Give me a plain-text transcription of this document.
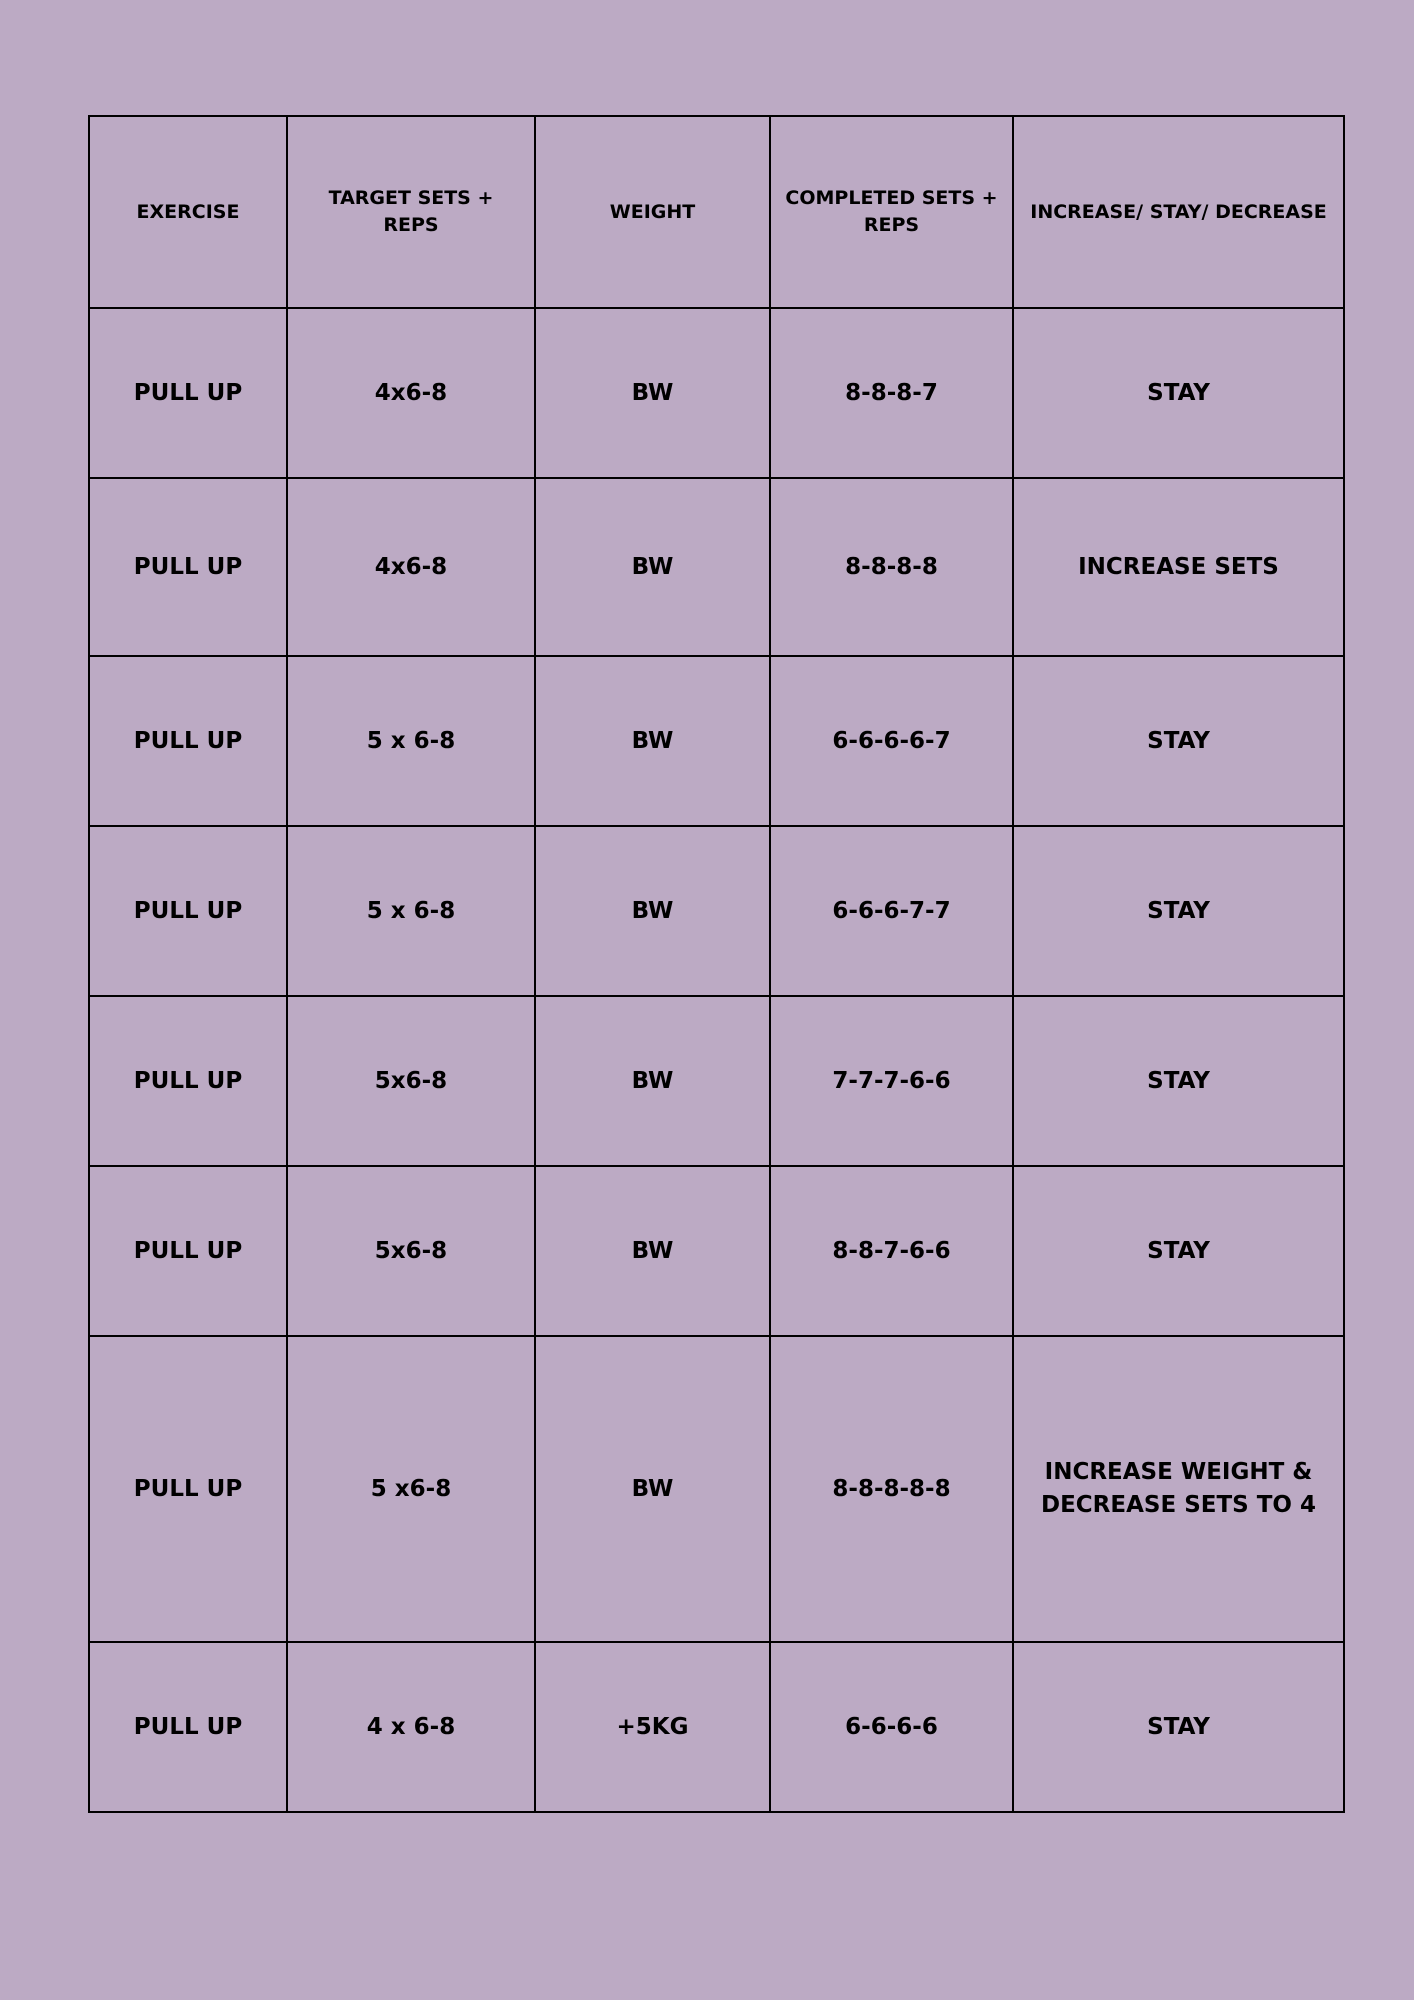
EXERCISE	TARGET SETS + REPS	WEIGHT	COMPLETED SETS + REPS	INCREASE/ STAY/ DECREASE
PULL UP	4x6-8	BW	8-8-8-7	STAY
PULL UP	4x6-8	BW	8-8-8-8	INCREASE SETS
PULL UP	5 x 6-8	BW	6-6-6-6-7	STAY
PULL UP	5 x 6-8	BW	6-6-6-7-7	STAY
PULL UP	5x6-8	BW	7-7-7-6-6	STAY
PULL UP	5x6-8	BW	8-8-7-6-6	STAY
PULL UP	5 x6-8	BW	8-8-8-8-8	INCREASE WEIGHT & DECREASE SETS TO 4
PULL UP	4 x 6-8	+5KG	6-6-6-6	STAY
